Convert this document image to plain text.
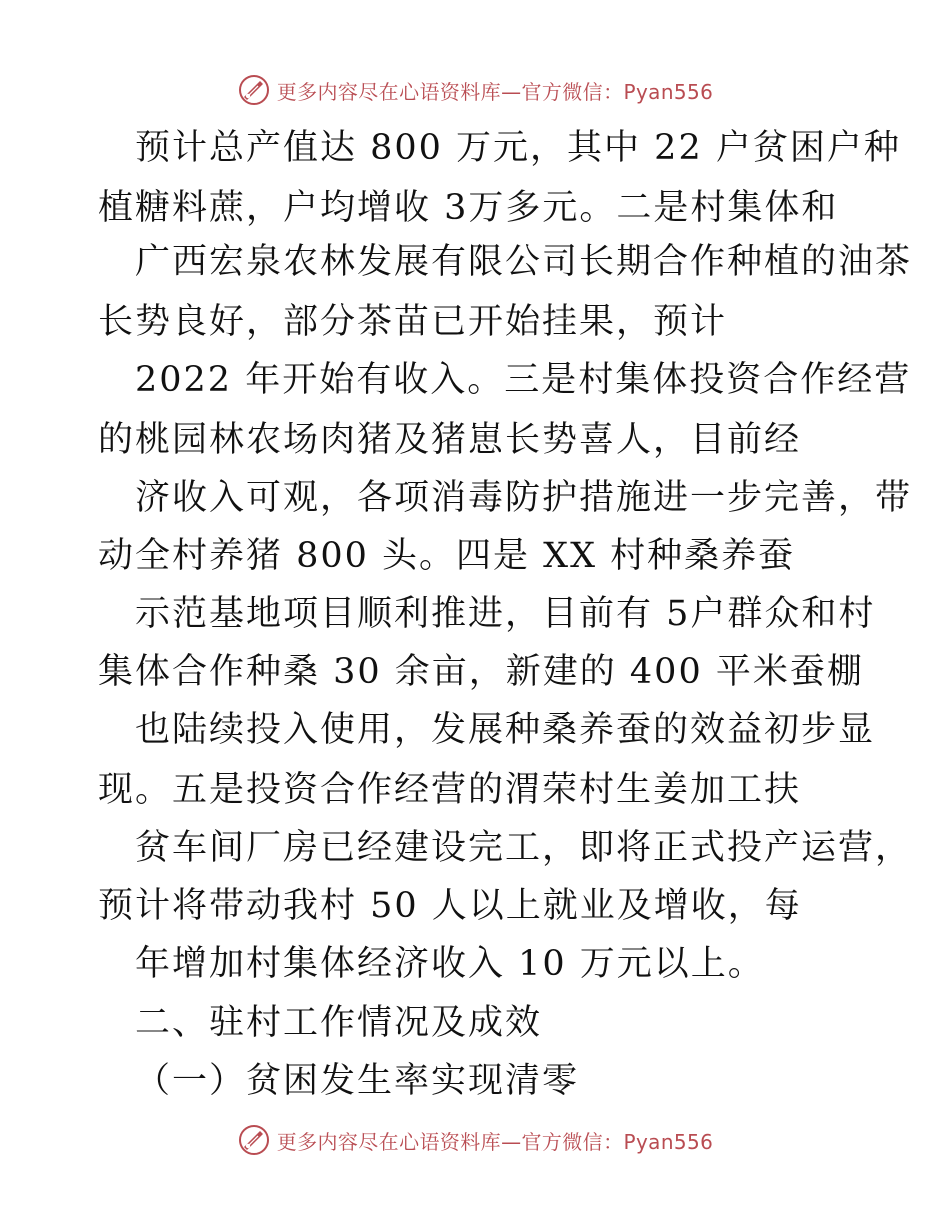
更多内容尽在心语资料库—官方微信：Pyan556
预计总产值达 800 万元，其中 22 户贫困户种
植糖料蔗，户均增收 3万多元。二是村集体和
广西宏泉农林发展有限公司长期合作种植的油茶
长势良好，部分茶苗已开始挂果，预计
2022 年开始有收入。三是村集体投资合作经营
的桃园林农场肉猪及猪崽长势喜人，目前经
济收入可观，各项消毒防护措施进一步完善，带
动全村养猪 800 头。四是 XX 村种桑养蚕
示范基地项目顺利推进，目前有 5户群众和村
集体合作种桑 30 余亩，新建的 400 平米蚕棚
也陆续投入使用，发展种桑养蚕的效益初步显
现。五是投资合作经营的渭荣村生姜加工扶
贫车间厂房已经建设完工，即将正式投产运营，
预计将带动我村 50 人以上就业及增收，每
年增加村集体经济收入 10 万元以上。
二、驻村工作情况及成效
（一）贫困发生率实现清零
更多内容尽在心语资料库—官方微信：Pyan556
